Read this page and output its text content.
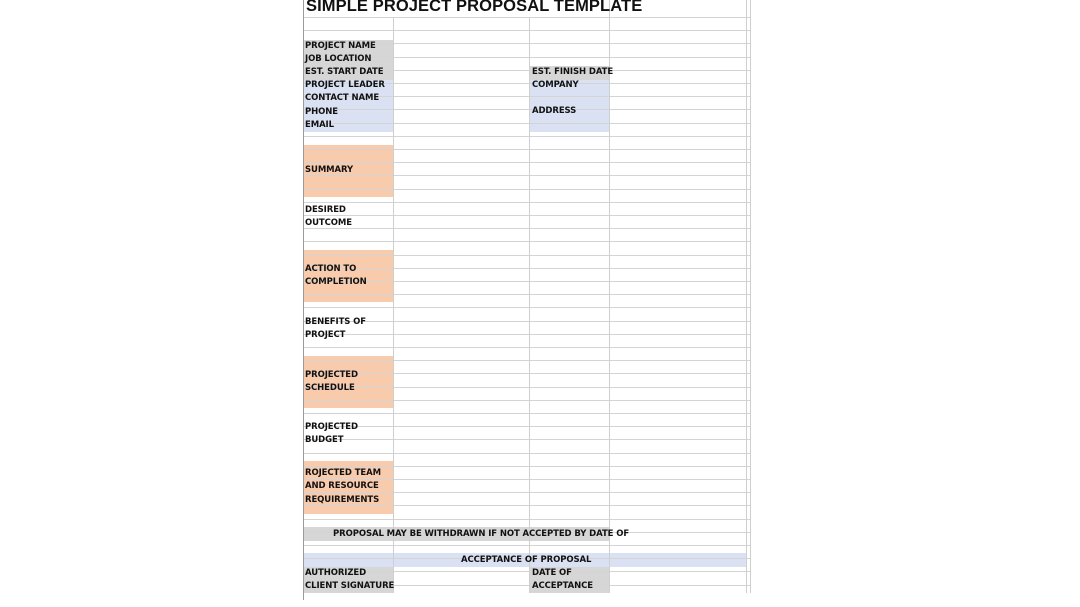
SIMPLE PROJECT PROPOSAL TEMPLATE
PROJECT NAME
JOB LOCATION
EST. START DATE
PROJECT LEADER
CONTACT NAME
PHONE
EMAIL
EST. FINISH DATE
COMPANY
ADDRESS
SUMMARY
DESIRED
OUTCOME
ACTION TO
COMPLETION
BENEFITS OF
PROJECT
PROJECTED
SCHEDULE
PROJECTED
BUDGET
ROJECTED TEAM
AND RESOURCE
REQUIREMENTS
PROPOSAL MAY BE WITHDRAWN IF NOT ACCEPTED BY DATE OF
ACCEPTANCE OF PROPOSAL
AUTHORIZED
CLIENT SIGNATURE
DATE OF
ACCEPTANCE
